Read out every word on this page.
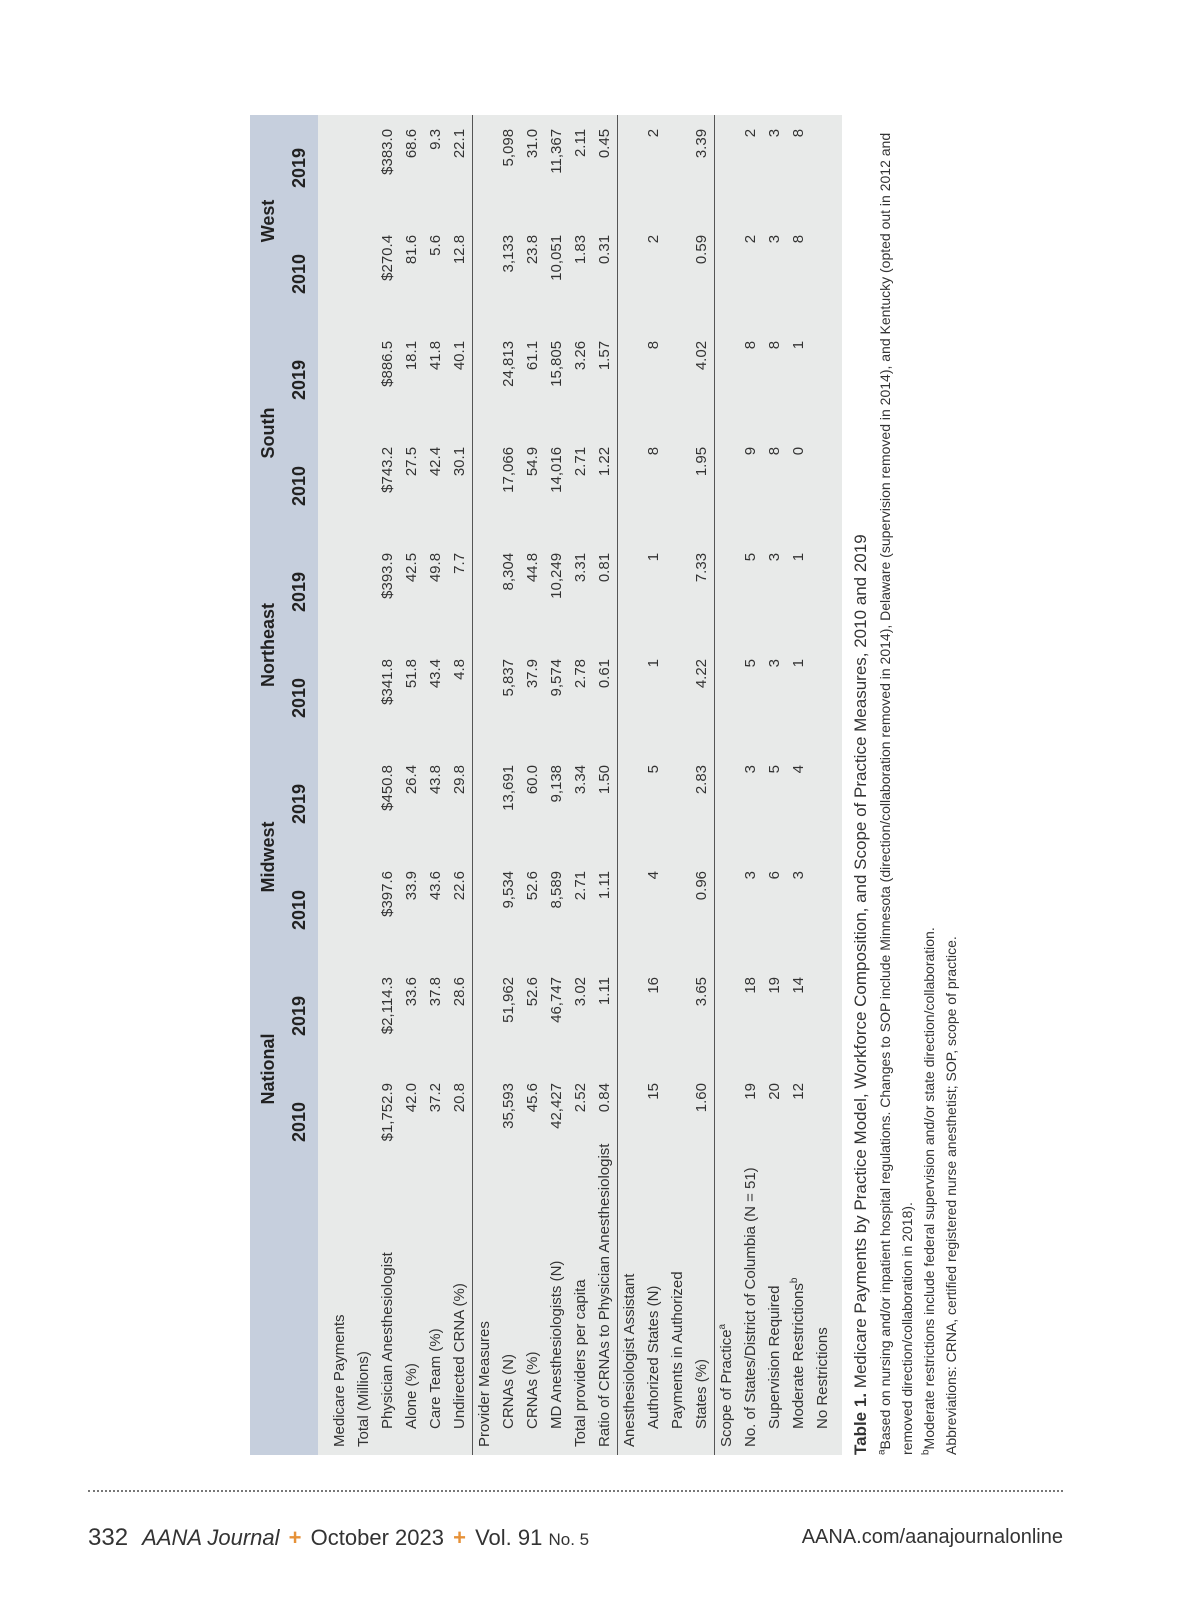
	National		Midwest		Northeast		South		West	
	2010	2019	2010	2019	2010	2019	2010	2019	2010	2019

Medicare Payments										
Total (Millions)										
Physician Anesthesiologist	$1,752.9	$2,114.3	$397.6	$450.8	$341.8	$393.9	$743.2	$886.5	$270.4	$383.0
Alone (%)	42.0	33.6	33.9	26.4	51.8	42.5	27.5	18.1	81.6	68.6
Care Team (%)	37.2	37.8	43.6	43.8	43.4	49.8	42.4	41.8	5.6	9.3
Undirected CRNA (%)	20.8	28.6	22.6	29.8	4.8	7.7	30.1	40.1	12.8	22.1
Provider Measures										
CRNAs (N)	35,593	51,962	9,534	13,691	5,837	8,304	17,066	24,813	3,133	5,098
CRNAs (%)	45.6	52.6	52.6	60.0	37.9	44.8	54.9	61.1	23.8	31.0
MD Anesthesiologists (N)	42,427	46,747	8,589	9,138	9,574	10,249	14,016	15,805	10,051	11,367
Total providers per capita	2.52	3.02	2.71	3.34	2.78	3.31	2.71	3.26	1.83	2.11
Ratio of CRNAs to Physician Anesthesiologist	0.84	1.11	1.11	1.50	0.61	0.81	1.22	1.57	0.31	0.45
Anesthesiologist Assistant										
Authorized States (N)	15	16	4	5	1	1	8	8	2	2
Payments in Authorized										
States (%)	1.60	3.65	0.96	2.83	4.22	7.33	1.95	4.02	0.59	3.39
Scope of Practice$^a$										
No. of States/District of Columbia (N = 51)	19	18	3	3	5	5	9	8	2	2
Supervision Required	20	19	6	5	3	3	8	8	3	3
Moderate Restrictions$^b$	12	14	3	4	1	1	0	1	8	8
No Restrictions										Table 1. Medicare Payments by Practice Model, Workforce Composition, and Scope of Practice Measures, 2010 and 2019
$^a$Based on nursing and/or inpatient hospital regulations. Changes to SOP include Minnesota (direction/collaboration removed in 2014), Delaware (supervision removed in 2014), and Kentucky (opted out in 2012 and removed direction/collaboration in 2018). $^b$Moderate restrictions include federal supervision and/or state direction/collaboration. Abbreviations: CRNA, certified registered nurse anesthetist; SOP, scope of practice.
332 AANA Journal + October 2023 + Vol. 91 No. 5	AANA.com/aanajournalonline
